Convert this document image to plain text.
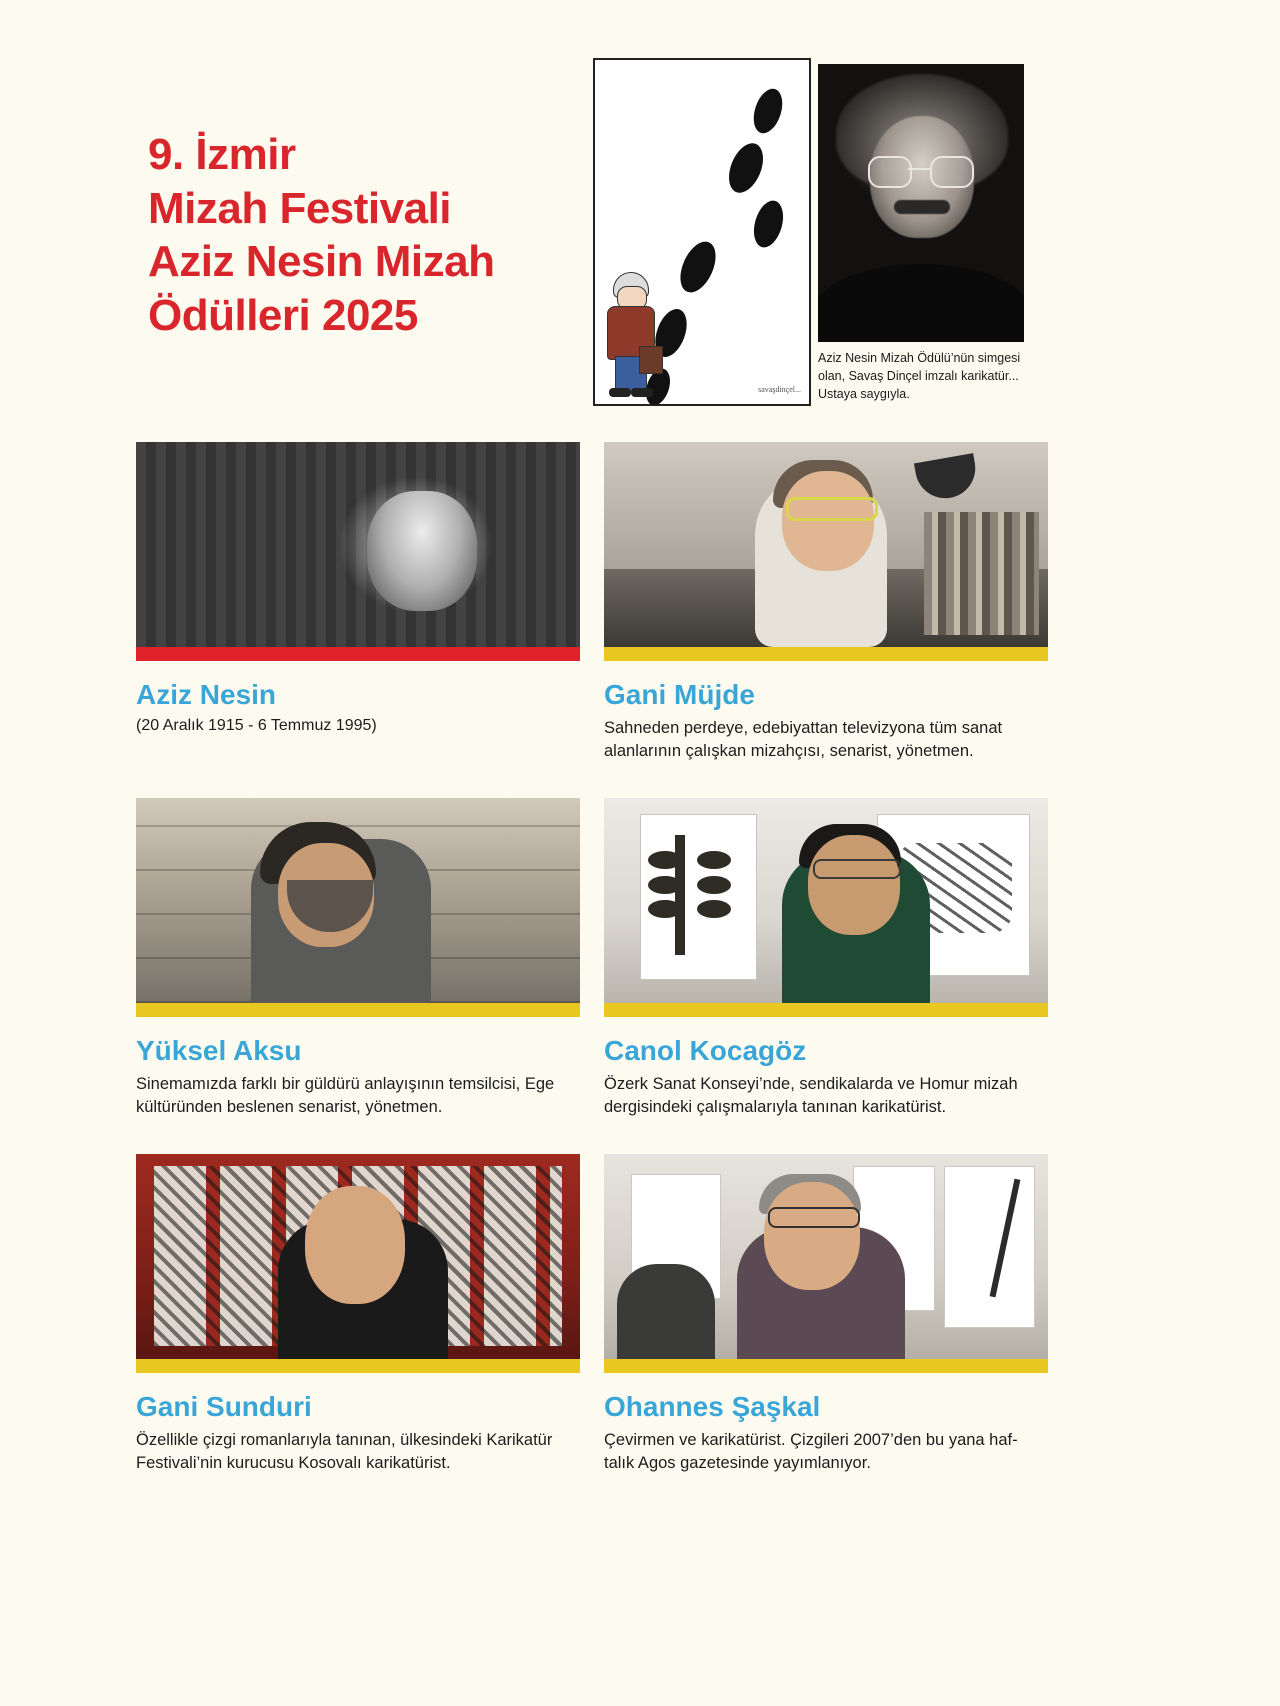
9. İzmir
Mizah Festivali
Aziz Nesin Mizah
Ödülleri 2025
savaşdinçel...
Aziz Nesin Mizah Ödülü’nün simgesi olan, Savaş Dinçel imzalı karikatür... Ustaya saygıyla.
Aziz Nesin
(20 Aralık 1915 - 6 Temmuz 1995)
Gani Müjde
Sahneden perdeye, edebiyattan televizyona tüm sanat alanlarının çalışkan mizahçısı, senarist, yönetmen.
Yüksel Aksu
Sinemamızda farklı bir güldürü anlayışının temsilcisi, Ege kültüründen beslenen senarist, yönetmen.
Canol Kocagöz
Özerk Sanat Konseyi’nde, sendikalarda ve Homur mizah dergisindeki çalışmalarıyla tanınan karikatürist.
Gani Sunduri
Özellikle çizgi romanlarıyla tanınan, ülkesindeki Karikatür Festivali’nin kurucusu Kosovalı karikatürist.
Ohannes Şaşkal
Çevirmen ve karikatürist. Çizgileri 2007’den bu yana haf-talık Agos gazetesinde yayımlanıyor.
